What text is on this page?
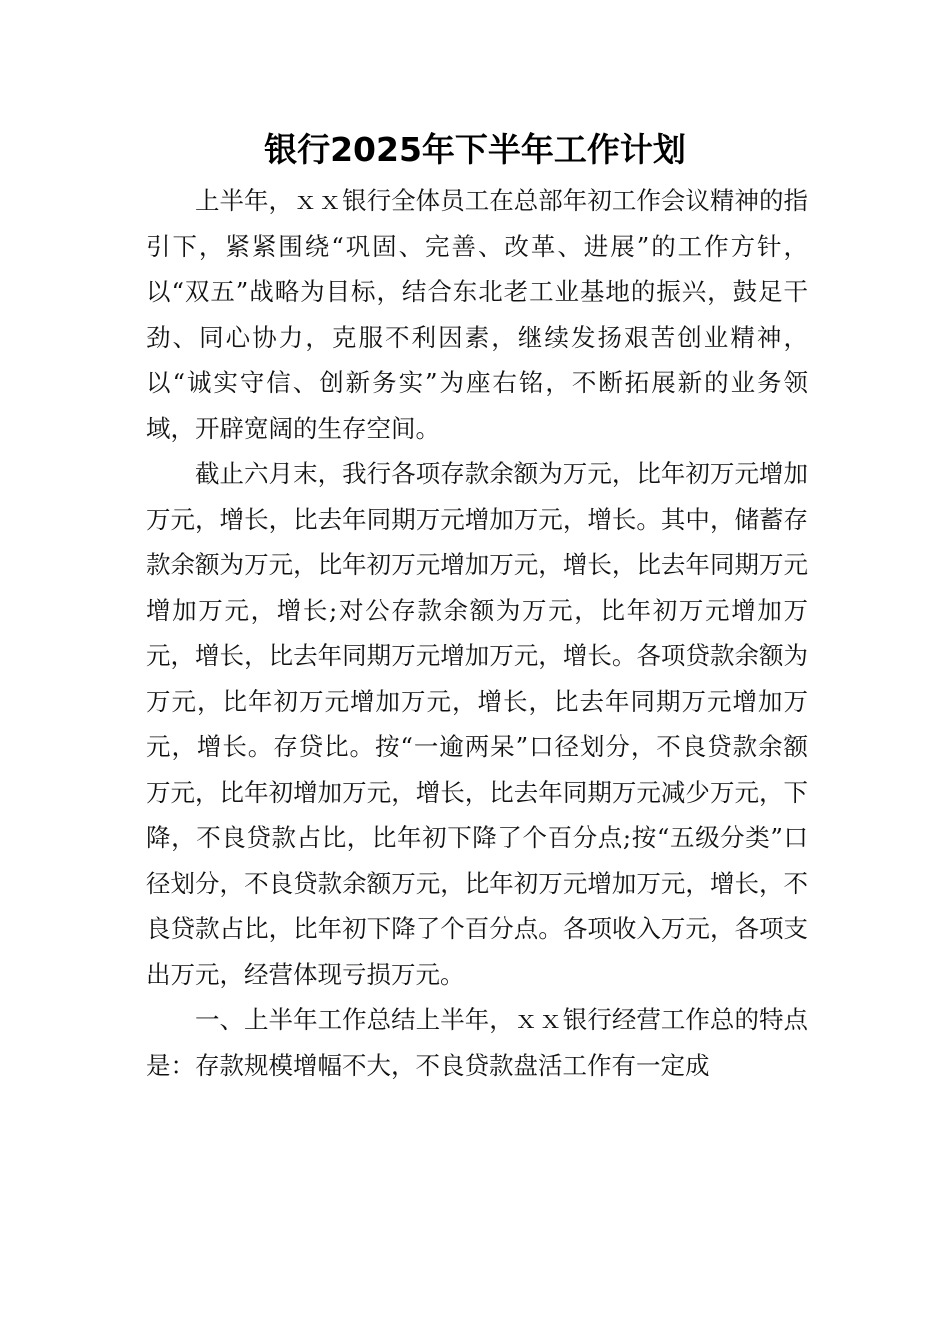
银行2025年下半年工作计划

上半年，ｘｘ银行全体员工在总部年初工作会议精神的指引下，紧紧围绕“巩固、完善、改革、进展”的工作方针，以“双五”战略为目标，结合东北老工业基地的振兴，鼓足干劲、同心协力，克服不利因素，继续发扬艰苦创业精神，以“诚实守信、创新务实”为座右铭，不断拓展新的业务领域，开辟宽阔的生存空间。

截止六月末，我行各项存款余额为万元，比年初万元增加万元，增长，比去年同期万元增加万元，增长。其中，储蓄存款余额为万元，比年初万元增加万元，增长，比去年同期万元增加万元，增长;对公存款余额为万元，比年初万元增加万元，增长，比去年同期万元增加万元，增长。各项贷款余额为万元，比年初万元增加万元，增长，比去年同期万元增加万元，增长。存贷比。按“一逾两呆”口径划分，不良贷款余额万元，比年初增加万元，增长，比去年同期万元减少万元，下降，不良贷款占比，比年初下降了个百分点;按“五级分类”口径划分，不良贷款余额万元，比年初万元增加万元，增长，不良贷款占比，比年初下降了个百分点。各项收入万元，各项支出万元，经营体现亏损万元。

一、上半年工作总结上半年，ｘｘ银行经营工作总的特点是：存款规模增幅不大，不良贷款盘活工作有一定成
